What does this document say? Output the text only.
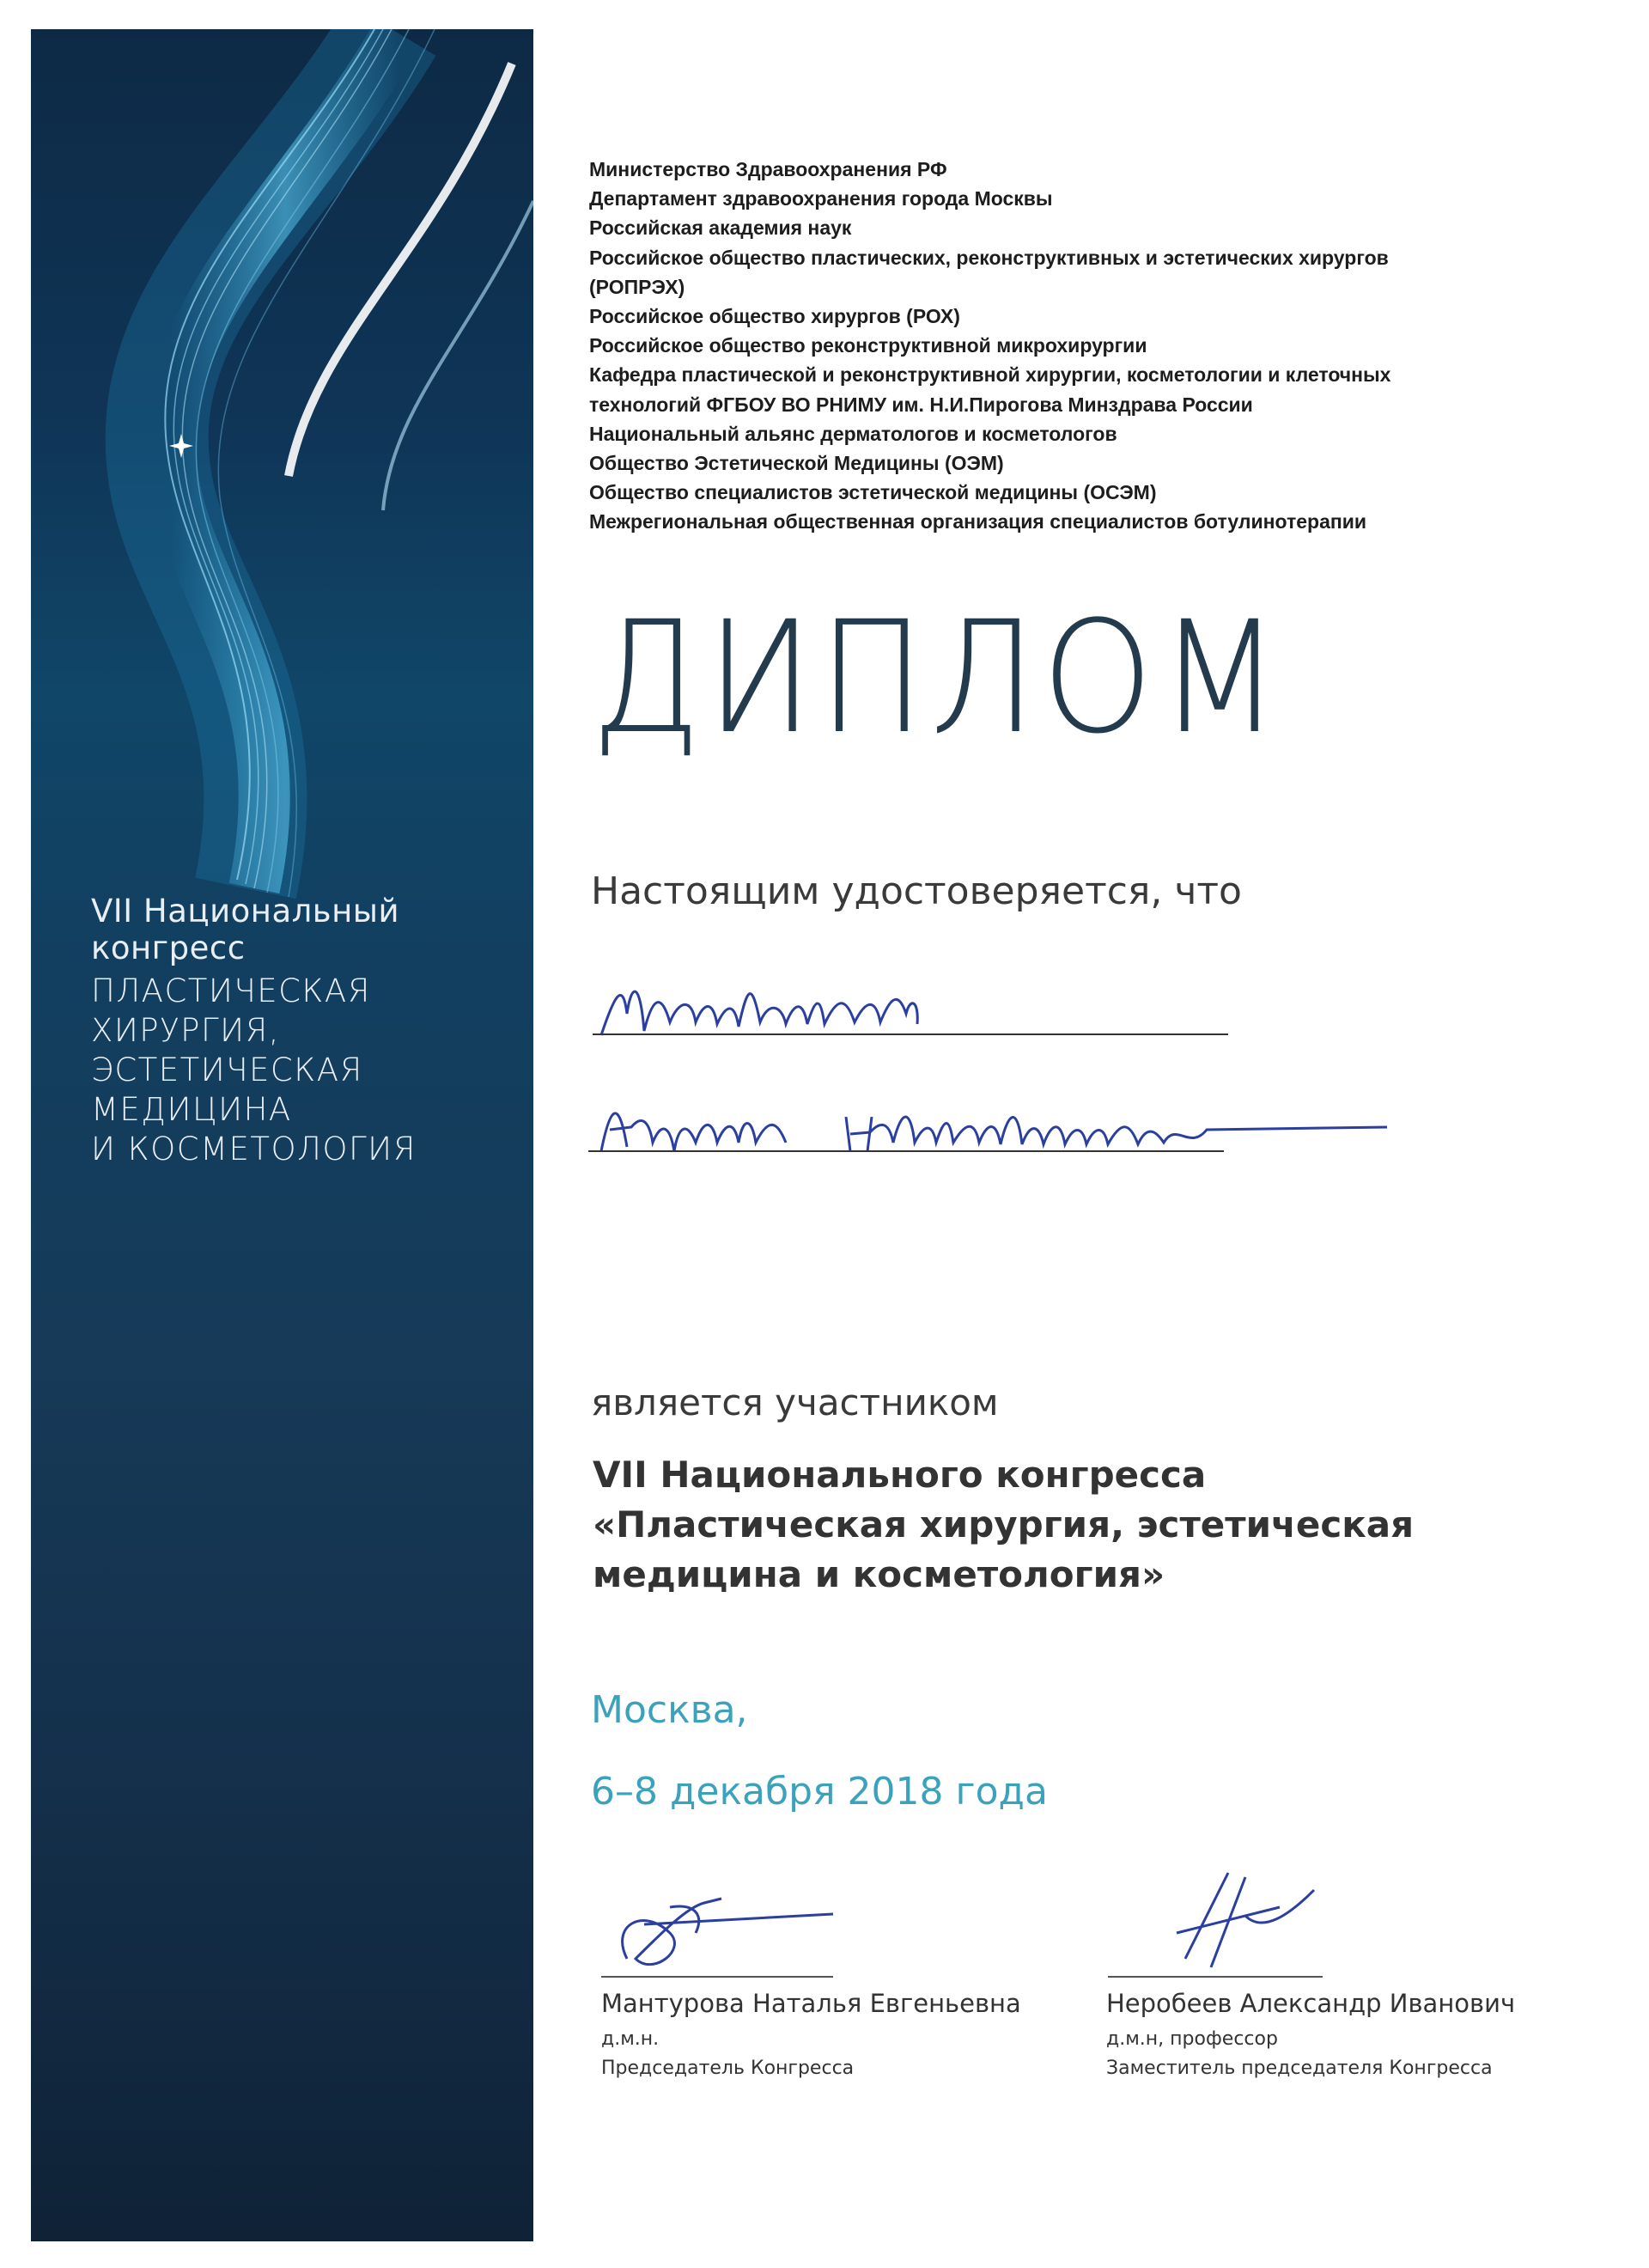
VII Национальный конгресс
ПЛАСТИЧЕСКАЯ ХИРУРГИЯ,
ЭСТЕТИЧЕСКАЯ МЕДИЦИНА
И КОСМЕТОЛОГИЯ
Министерство Здравоохранения РФ
Департамент здравоохранения города Москвы
Российская академия наук
Российское общество пластических, реконструктивных и эстетических хирургов
(РОПРЭХ)
Российское общество хирургов (РОХ)
Российское общество реконструктивной микрохирургии
Кафедра пластической и реконструктивной хирургии, косметологии и клеточных
технологий ФГБОУ ВО РНИМУ им. Н.И.Пирогова Минздрава России
Национальный альянс дерматологов и косметологов
Общество Эстетической Медицины (ОЭМ)
Общество специалистов эстетической медицины (ОСЭМ)
Межрегиональная общественная организация специалистов ботулинотерапии
ДИПЛОМ
Настоящим удостоверяется, что
является участником
VII Национального конгресса
«Пластическая хирургия, эстетическая
медицина и косметология»
Москва,
6–8 декабря 2018 года
Мантурова Наталья Евгеньевна
д.м.н.
Председатель Конгресса
Неробеев Александр Иванович
д.м.н, профессор
Заместитель председателя Конгресса
